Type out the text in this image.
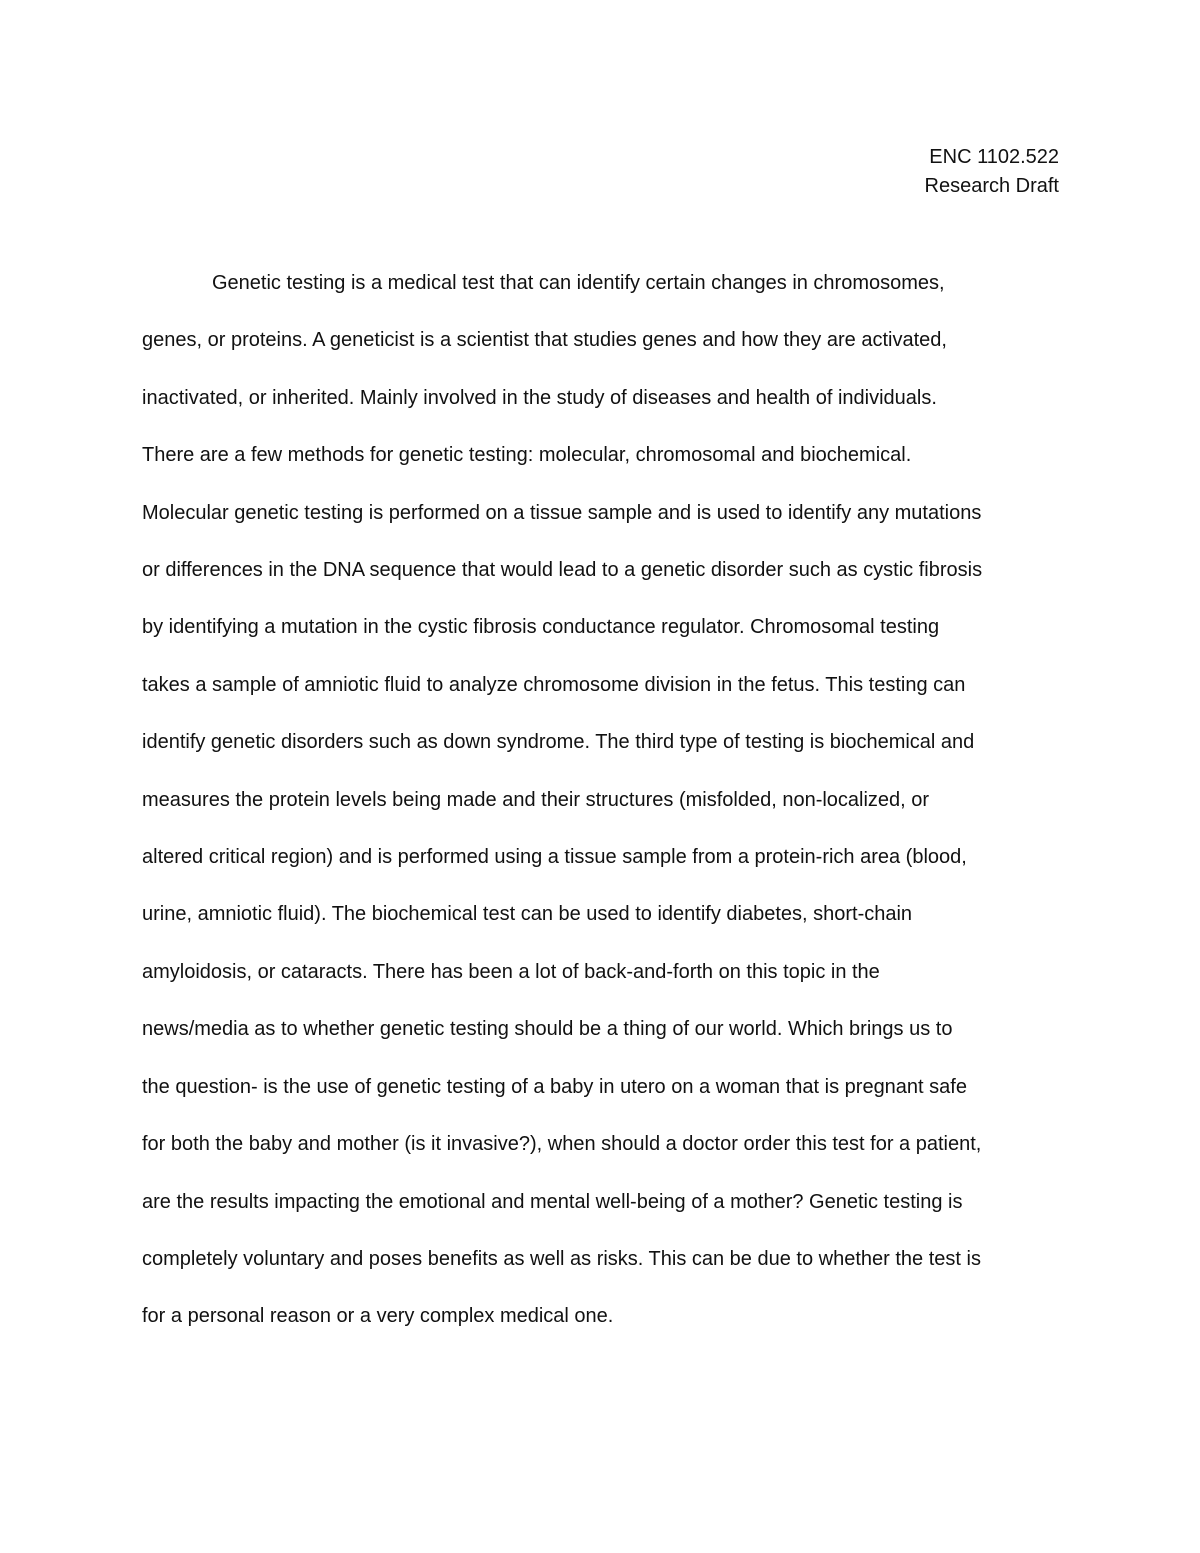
ENC 1102.522
Research Draft
Genetic testing is a medical test that can identify certain changes in chromosomes,
genes, or proteins. A geneticist is a scientist that studies genes and how they are activated,
inactivated, or inherited. Mainly involved in the study of diseases and health of individuals.
There are a few methods for genetic testing: molecular, chromosomal and biochemical.
Molecular genetic testing is performed on a tissue sample and is used to identify any mutations
or differences in the DNA sequence that would lead to a genetic disorder such as cystic fibrosis
by identifying a mutation in the cystic fibrosis conductance regulator. Chromosomal testing
takes a sample of amniotic fluid to analyze chromosome division in the fetus. This testing can
identify genetic disorders such as down syndrome. The third type of testing is biochemical and
measures the protein levels being made and their structures (misfolded, non-localized, or
altered critical region) and is performed using a tissue sample from a protein-rich area (blood,
urine, amniotic fluid). The biochemical test can be used to identify diabetes, short-chain
amyloidosis, or cataracts. There has been a lot of back-and-forth on this topic in the
news/media as to whether genetic testing should be a thing of our world. Which brings us to
the question- is the use of genetic testing of a baby in utero on a woman that is pregnant safe
for both the baby and mother (is it invasive?), when should a doctor order this test for a patient,
are the results impacting the emotional and mental well-being of a mother? Genetic testing is
completely voluntary and poses benefits as well as risks. This can be due to whether the test is
for a personal reason or a very complex medical one.
